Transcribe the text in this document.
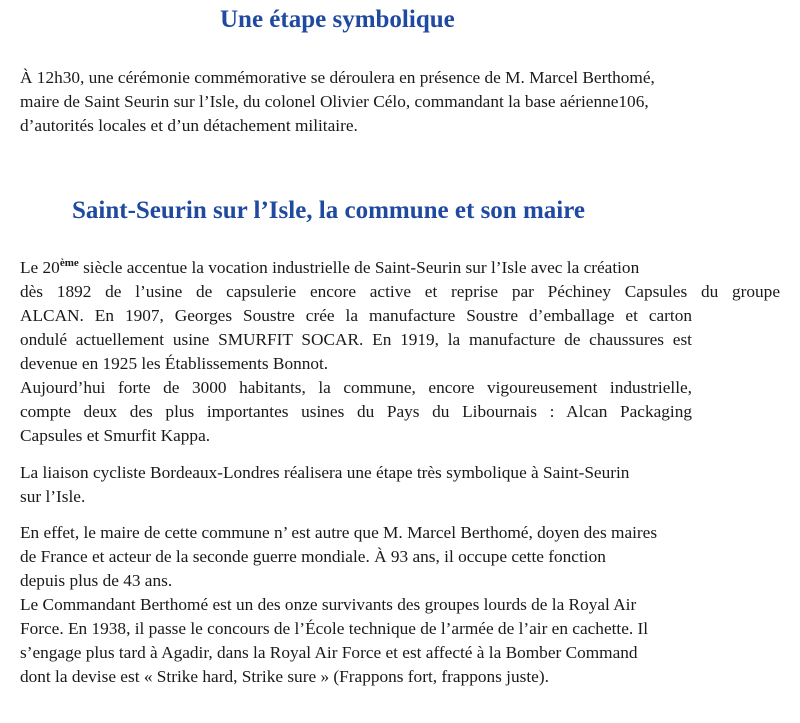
Une étape symbolique
À 12h30, une cérémonie commémorative se déroulera en présence de M. Marcel Berthomé,
maire de Saint Seurin sur l’Isle, du colonel Olivier Célo, commandant la base aérienne106,
d’autorités locales et d’un détachement militaire.
Saint-Seurin sur l’Isle, la commune et son maire
Le 20ème siècle accentue la vocation industrielle de Saint-Seurin sur l’Isle avec la création
dès 1892 de l’usine de capsulerie encore active et reprise par Péchiney Capsules du groupe
ALCAN. En 1907, Georges Soustre crée la manufacture Soustre d’emballage et carton
ondulé actuellement usine SMURFIT SOCAR. En 1919, la manufacture de chaussures est
devenue en 1925 les Établissements Bonnot.
Aujourd’hui forte de 3000 habitants, la commune, encore vigoureusement industrielle,
compte deux des plus importantes usines du Pays du Libournais : Alcan Packaging
Capsules et Smurfit Kappa.
La liaison cycliste Bordeaux-Londres réalisera une étape très symbolique à Saint-Seurin
sur l’Isle.
En effet, le maire de cette commune n’ est autre que M. Marcel Berthomé, doyen des maires
de France et acteur de la seconde guerre mondiale. À 93 ans, il occupe cette fonction
depuis plus de 43 ans.
Le Commandant Berthomé est un des onze survivants des groupes lourds de la Royal Air
Force. En 1938, il passe le concours de l’École technique de l’armée de l’air en cachette. Il
s’engage plus tard à Agadir, dans la Royal Air Force et est affecté à la Bomber Command
dont la devise est « Strike hard, Strike sure » (Frappons fort, frappons juste).
